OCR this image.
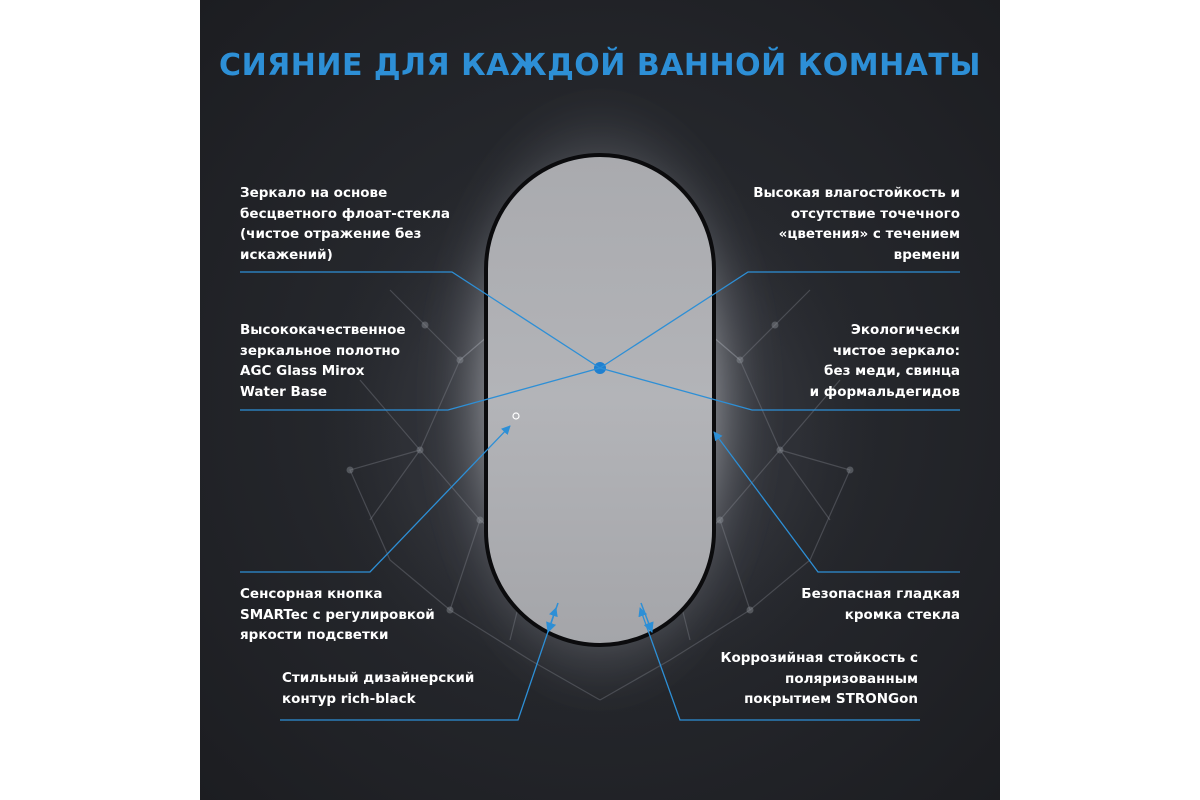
СИЯНИЕ ДЛЯ КАЖДОЙ ВАННОЙ КОМНАТЫ
Зеркало на основе
бесцветного флоат-стекла
(чистое отражение без
искажений)
Высококачественное
зеркальное полотно
AGC Glass Mirox
Water Base
Сенсорная кнопка
SMARTec с регулировкой
яркости подсветки
Стильный дизайнерский
контур rich-black
Высокая влагостойкость и
отсутствие точечного
«цветения» с течением
времени
Экологически
чистое зеркало:
без меди, свинца
и формальдегидов
Безопасная гладкая
кромка стекла
Коррозийная стойкость с
поляризованным
покрытием STRONGon
